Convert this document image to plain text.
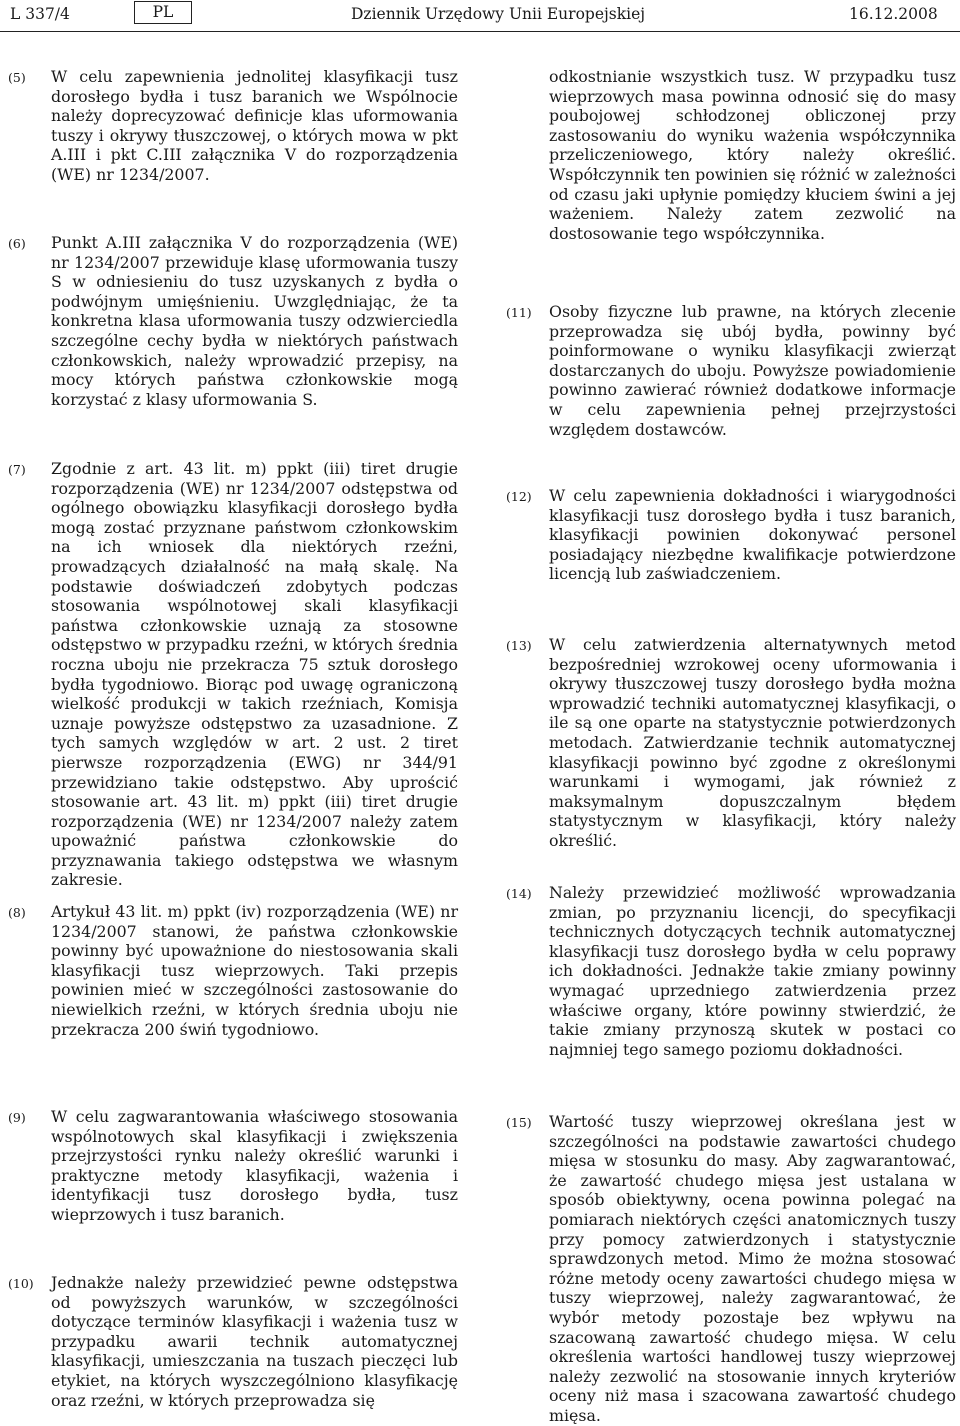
L 337/4	PL	Dziennik Urzędowy Unii Europejskiej	16.12.2008
(5)	W celu zapewnienia jednolitej klasyfikacji tusz dorosłego bydła i tusz baranich we Wspólnocie należy doprecyzować definicje klas uformowania tuszy i okrywy tłuszczowej, o których mowa w pkt A.III i pkt C.III załącznika V do rozporządzenia (WE) nr 1234/2007.
(6)	Punkt A.III załącznika V do rozporządzenia (WE) nr 1234/2007 przewiduje klasę uformowania tuszy S w odniesieniu do tusz uzyskanych z bydła o podwójnym umięśnieniu. Uwzględniając, że ta konkretna klasa uformowania tuszy odzwierciedla szczególne cechy bydła w niektórych państwach członkowskich, należy wprowadzić przepisy, na mocy których państwa członkowskie mogą korzystać z klasy uformowania S.
(7)	Zgodnie z art. 43 lit. m) ppkt (iii) tiret drugie rozporządzenia (WE) nr 1234/2007 odstępstwa od ogólnego obowiązku klasyfikacji dorosłego bydła mogą zostać przyznane państwom członkowskim na ich wniosek dla niektórych rzeźni, prowadzących działalność na małą skalę. Na podstawie doświadczeń zdobytych podczas stosowania wspólnotowej skali klasyfikacji państwa członkowskie uznają za stosowne odstępstwo w przypadku rzeźni, w których średnia roczna uboju nie przekracza 75 sztuk dorosłego bydła tygodniowo. Biorąc pod uwagę ograniczoną wielkość produkcji w takich rzeźniach, Komisja uznaje powyższe odstępstwo za uzasadnione. Z tych samych względów w art. 2 ust. 2 tiret pierwsze rozporządzenia (EWG) nr 344/91 przewidziano takie odstępstwo. Aby uprościć stosowanie art. 43 lit. m) ppkt (iii) tiret drugie rozporządzenia (WE) nr 1234/2007 należy zatem upoważnić państwa członkowskie do przyznawania takiego odstępstwa we własnym zakresie.
(8)	Artykuł 43 lit. m) ppkt (iv) rozporządzenia (WE) nr 1234/2007 stanowi, że państwa członkowskie powinny być upoważnione do niestosowania skali klasyfikacji tusz wieprzowych. Taki przepis powinien mieć w szczególności zastosowanie do niewielkich rzeźni, w których średnia uboju nie przekracza 200 świń tygodniowo.
(9)	W celu zagwarantowania właściwego stosowania wspólnotowych skal klasyfikacji i zwiększenia przejrzystości rynku należy określić warunki i praktyczne metody klasyfikacji, ważenia i identyfikacji tusz dorosłego bydła, tusz wieprzowych i tusz baranich.
(10)	Jednakże należy przewidzieć pewne odstępstwa od powyższych warunków, w szczególności dotyczące terminów klasyfikacji i ważenia tusz w przypadku awarii technik automatycznej klasyfikacji, umieszczania na tuszach pieczęci lub etykiet, na których wyszczególniono klasyfikację oraz rzeźni, w których przeprowadza się
odkostnianie wszystkich tusz. W przypadku tusz wieprzowych masa powinna odnosić się do masy poubojowej schłodzonej obliczonej przy zastosowaniu do wyniku ważenia współczynnika przeliczeniowego, który należy określić. Współczynnik ten powinien się różnić w zależności od czasu jaki upłynie pomiędzy kłuciem świni a jej ważeniem. Należy zatem zezwolić na dostosowanie tego współczynnika.
(11)	Osoby fizyczne lub prawne, na których zlecenie przeprowadza się ubój bydła, powinny być poinformowane o wyniku klasyfikacji zwierząt dostarczanych do uboju. Powyższe powiadomienie powinno zawierać również dodatkowe informacje w celu zapewnienia pełnej przejrzystości względem dostawców.
(12)	W celu zapewnienia dokładności i wiarygodności klasyfikacji tusz dorosłego bydła i tusz baranich, klasyfikacji powinien dokonywać personel posiadający niezbędne kwalifikacje potwierdzone licencją lub zaświadczeniem.
(13)	W celu zatwierdzenia alternatywnych metod bezpośredniej wzrokowej oceny uformowania i okrywy tłuszczowej tuszy dorosłego bydła można wprowadzić techniki automatycznej klasyfikacji, o ile są one oparte na statystycznie potwierdzonych metodach. Zatwierdzanie technik automatycznej klasyfikacji powinno być zgodne z określonymi warunkami i wymogami, jak również z maksymalnym dopuszczalnym błędem statystycznym w klasyfikacji, który należy określić.
(14)	Należy przewidzieć możliwość wprowadzania zmian, po przyznaniu licencji, do specyfikacji technicznych dotyczących technik automatycznej klasyfikacji tusz dorosłego bydła w celu poprawy ich dokładności. Jednakże takie zmiany powinny wymagać uprzedniego zatwierdzenia przez właściwe organy, które powinny stwierdzić, że takie zmiany przynoszą skutek w postaci co najmniej tego samego poziomu dokładności.
(15)	Wartość tuszy wieprzowej określana jest w szczególności na podstawie zawartości chudego mięsa w stosunku do masy. Aby zagwarantować, że zawartość chudego mięsa jest ustalana w sposób obiektywny, ocena powinna polegać na pomiarach niektórych części anatomicznych tuszy przy pomocy zatwierdzonych i statystycznie sprawdzonych metod. Mimo że można stosować różne metody oceny zawartości chudego mięsa w tuszy wieprzowej, należy zagwarantować, że wybór metody pozostaje bez wpływu na szacowaną zawartość chudego mięsa. W celu określenia wartości handlowej tuszy wieprzowej należy zezwolić na stosowanie innych kryteriów oceny niż masa i szacowana zawartość chudego mięsa.
